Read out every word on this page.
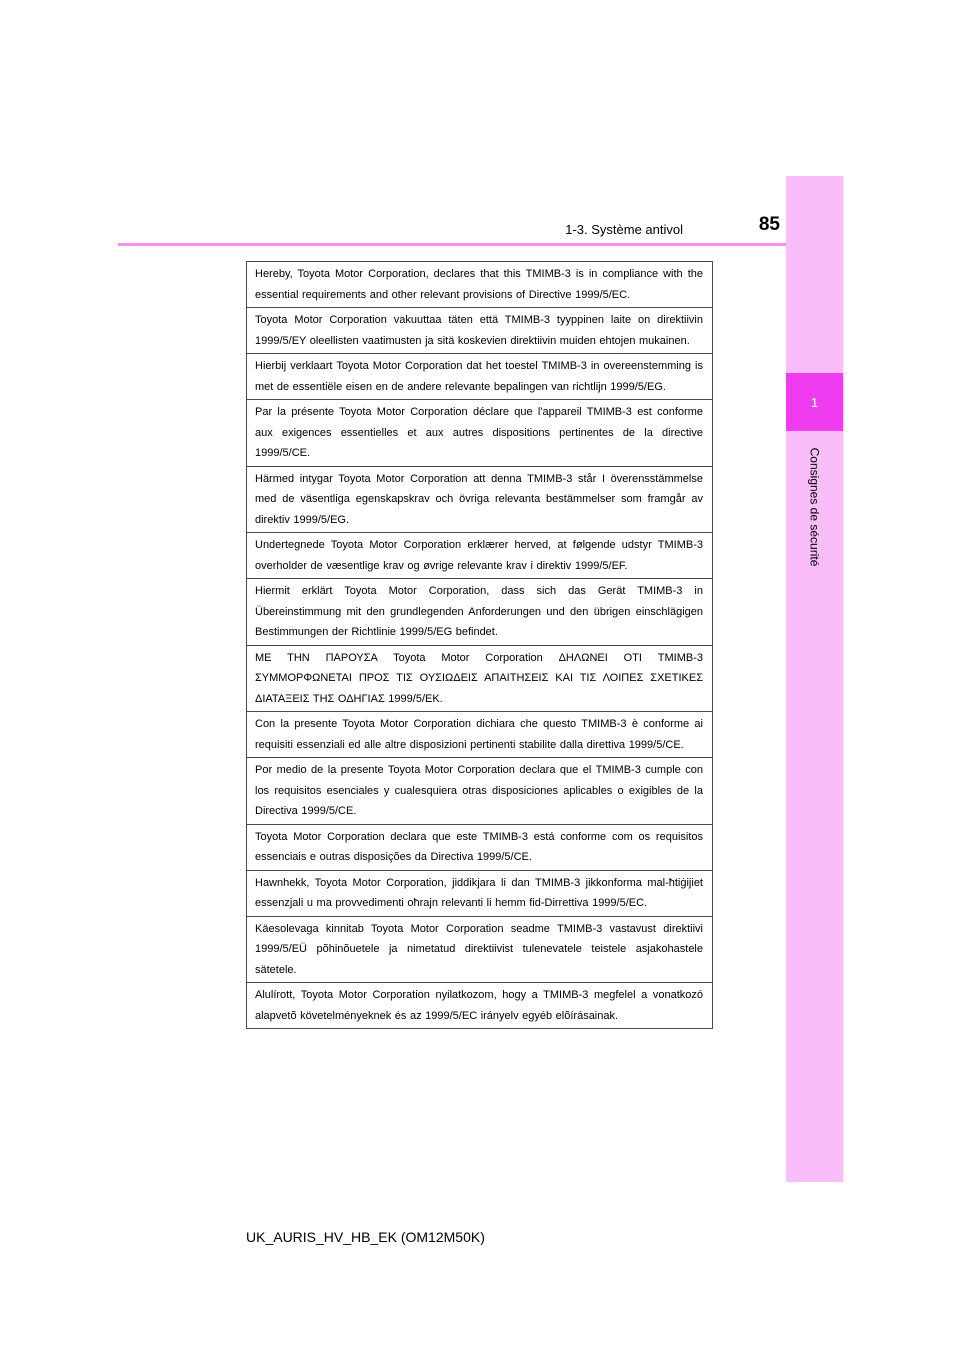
1
Consignes de sécurité
1-3. Système antivol	85
Hereby, Toyota Motor Corporation, declares that this TMIMB-3 is in compliance with the essential requirements and other relevant provisions of Directive 1999/5/EC.
Toyota Motor Corporation vakuuttaa täten että TMIMB-3 tyyppinen laite on direktiivin 1999/5/EY oleellisten vaatimusten ja sitä koskevien direktiivin muiden ehtojen mukainen.
Hierbij verklaart Toyota Motor Corporation dat het toestel TMIMB-3 in overeenstemming is met de essentiële eisen en de andere relevante bepalingen van richtlijn 1999/5/EG.
Par la présente Toyota Motor Corporation déclare que l'appareil TMIMB-3 est conforme aux exigences essentielles et aux autres dispositions pertinentes de la directive 1999/5/CE.
Härmed intygar Toyota Motor Corporation att denna TMIMB-3 står I överensstämmelse med de väsentliga egenskapskrav och övriga relevanta bestämmelser som framgår av direktiv 1999/5/EG.
Undertegnede Toyota Motor Corporation erklærer herved, at følgende udstyr TMIMB-3 overholder de væsentlige krav og øvrige relevante krav i direktiv 1999/5/EF.
Hiermit erklärt Toyota Motor Corporation, dass sich das Gerät TMIMB-3 in Übereinstimmung mit den grundlegenden Anforderungen und den übrigen einschlägigen Bestimmungen der Richtlinie 1999/5/EG befindet.
ΜΕ ΤΗΝ ΠΑΡΟΥΣΑ Toyota Motor Corporation ΔΗΛΩΝΕΙ ΟΤΙ TMIMB-3 ΣΥΜΜΟΡΦΩΝΕΤΑΙ ΠΡΟΣ ΤΙΣ ΟΥΣΙΩΔΕΙΣ ΑΠΑΙΤΗΣΕΙΣ ΚΑΙ ΤΙΣ ΛΟΙΠΕΣ ΣΧΕΤΙΚΕΣ ΔΙΑΤΑΞΕΙΣ ΤΗΣ ΟΔΗΓΙΑΣ 1999/5/ΕΚ.
Con la presente Toyota Motor Corporation dichiara che questo TMIMB-3 è conforme ai requisiti essenziali ed alle altre disposizioni pertinenti stabilite dalla direttiva 1999/5/CE.
Por medio de la presente Toyota Motor Corporation declara que el TMIMB-3 cumple con los requisitos esenciales y cualesquiera otras disposiciones aplicables o exigibles de la Directiva 1999/5/CE.
Toyota Motor Corporation declara que este TMIMB-3 está conforme com os requisitos essenciais e outras disposições da Directiva 1999/5/CE.
Hawnhekk, Toyota Motor Corporation, jiddikjara li dan TMIMB-3 jikkonforma mal-ħtiġijiet essenzjali u ma provvedimenti oħrajn relevanti li hemm fid-Dirrettiva 1999/5/EC.
Käesolevaga kinnitab Toyota Motor Corporation seadme TMIMB-3 vastavust direktiivi 1999/5/EÜ põhinõuetele ja nimetatud direktiivist tulenevatele teistele asjakohastele sätetele.
Alulírott, Toyota Motor Corporation nyilatkozom, hogy a TMIMB-3 megfelel a vonatkozó alapvetõ követelményeknek és az 1999/5/EC irányelv egyéb elõírásainak.
UK_AURIS_HV_HB_EK (OM12M50K)
